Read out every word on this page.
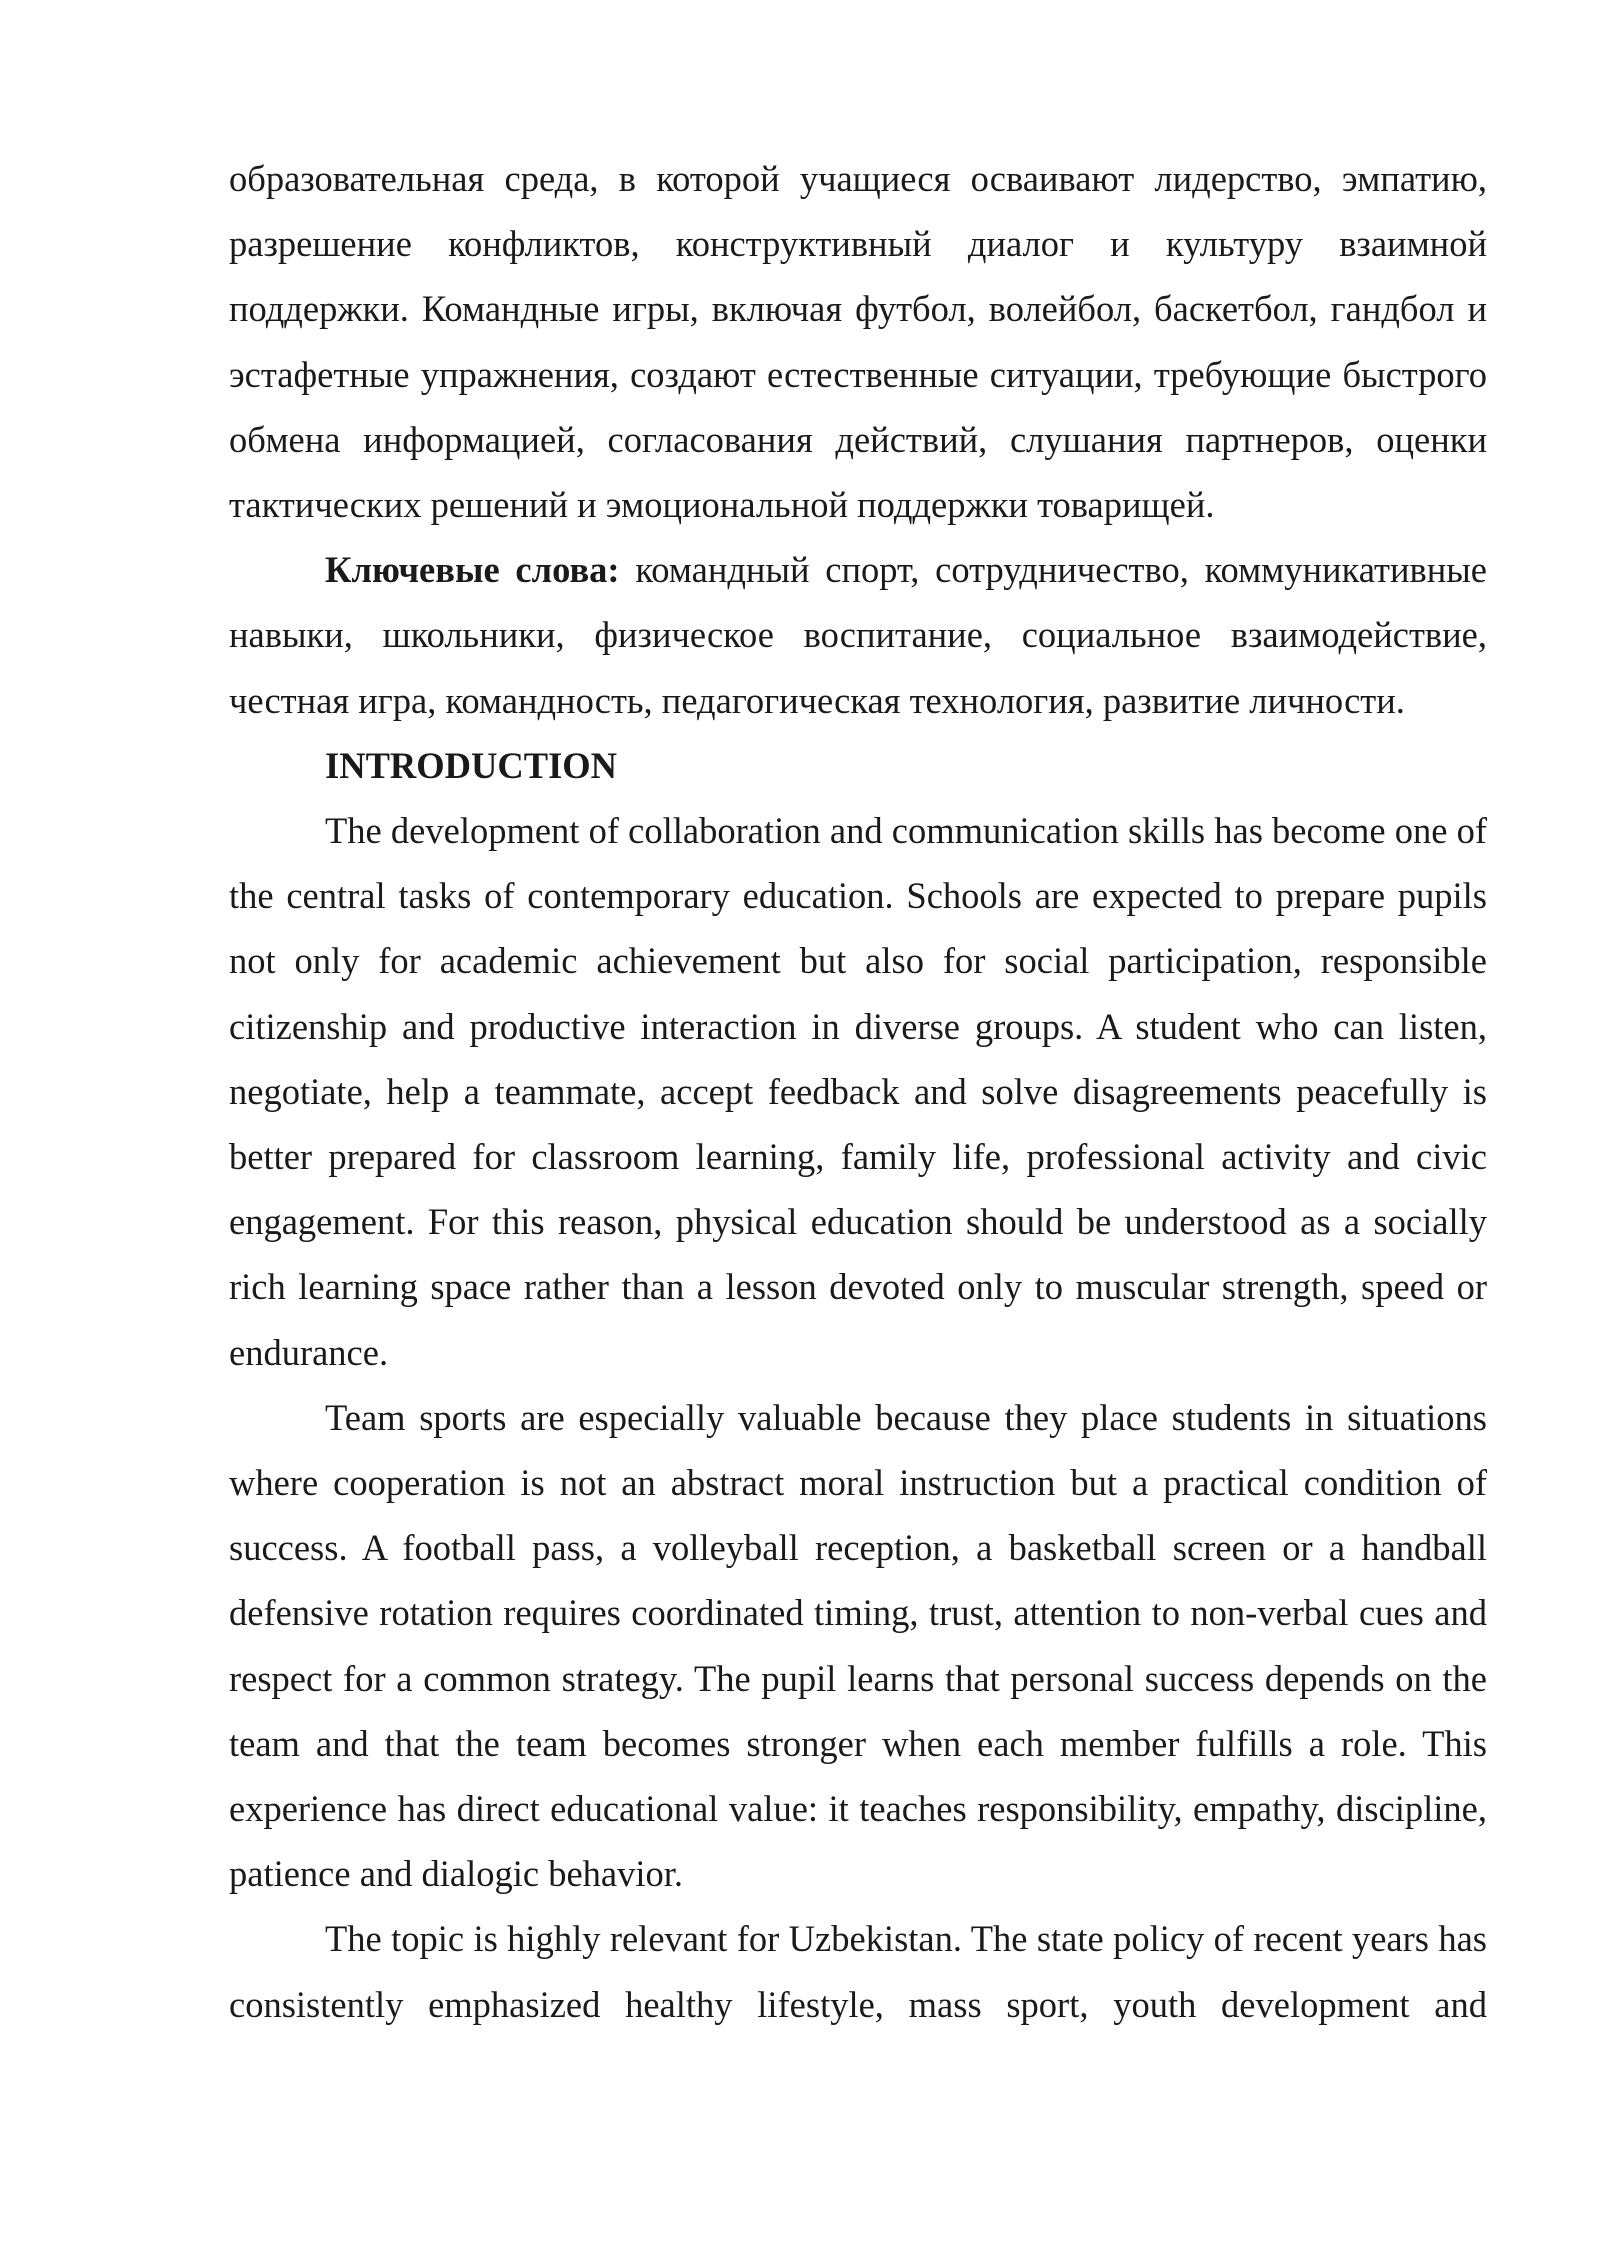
образовательная среда, в которой учащиеся осваивают лидерство, эмпатию, разрешение конфликтов, конструктивный диалог и культуру взаимной поддержки. Командные игры, включая футбол, волейбол, баскетбол, гандбол и эстафетные упражнения, создают естественные ситуации, требующие быстрого обмена информацией, согласования действий, слушания партнеров, оценки тактических решений и эмоциональной поддержки товарищей.

Ключевые слова: командный спорт, сотрудничество, коммуникативные навыки, школьники, физическое воспитание, социальное взаимодействие, честная игра, командность, педагогическая технология, развитие личности.

INTRODUCTION

The development of collaboration and communication skills has become one of the central tasks of contemporary education. Schools are expected to prepare pupils not only for academic achievement but also for social participation, responsible citizenship and productive interaction in diverse groups. A student who can listen, negotiate, help a teammate, accept feedback and solve disagreements peacefully is better prepared for classroom learning, family life, professional activity and civic engagement. For this reason, physical education should be understood as a socially rich learning space rather than a lesson devoted only to muscular strength, speed or endurance.

Team sports are especially valuable because they place students in situations where cooperation is not an abstract moral instruction but a practical condition of success. A football pass, a volleyball reception, a basketball screen or a handball defensive rotation requires coordinated timing, trust, attention to non-verbal cues and respect for a common strategy. The pupil learns that personal success depends on the team and that the team becomes stronger when each member fulfills a role. This experience has direct educational value: it teaches responsibility, empathy, discipline, patience and dialogic behavior.

The topic is highly relevant for Uzbekistan. The state policy of recent years has consistently emphasized healthy lifestyle, mass sport, youth development and
